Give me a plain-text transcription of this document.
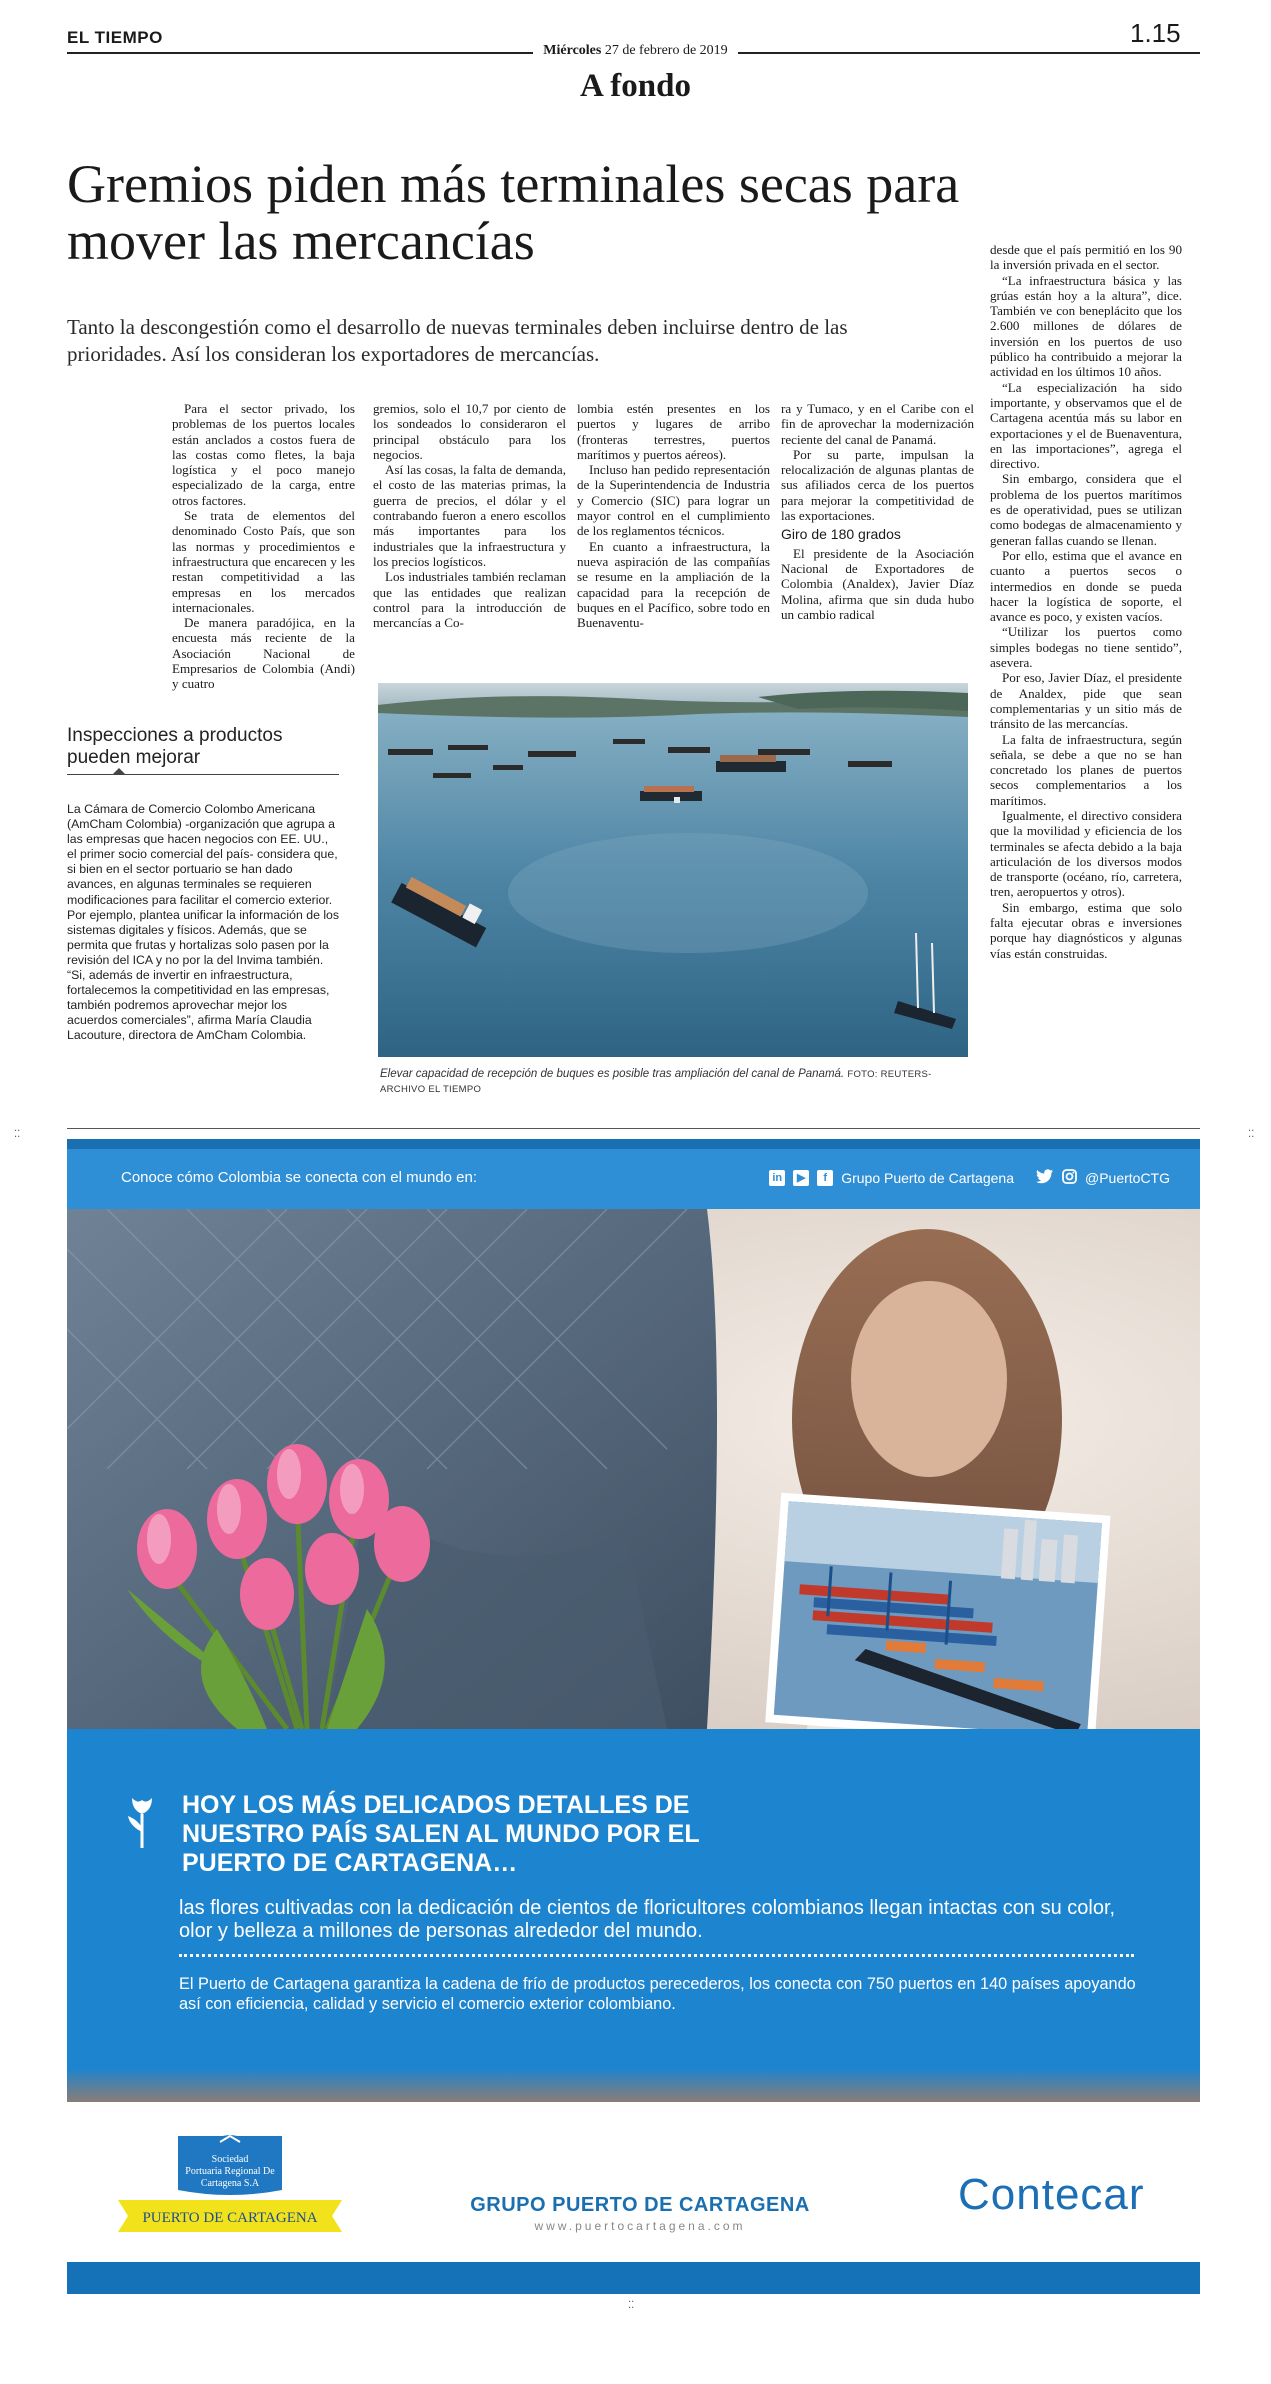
EL TIEMPO
Miércoles 27 de febrero de 2019
1.15
A fondo
Gremios piden más terminales secas para mover las mercancías
Tanto la descongestión como el desarrollo de nuevas terminales deben incluirse dentro de las prioridades. Así los consideran los exportadores de mercancías.

Para el sector privado, los problemas de los puertos locales están anclados a costos fuera de las costas como fletes, la baja logística y el poco manejo especializado de la carga, entre otros factores.

Se trata de elementos del denominado Costo País, que son las normas y procedimientos e infraestructura que encarecen y les restan competitividad a las empresas en los mercados internacionales.

De manera paradójica, en la encuesta más reciente de la Asociación Nacional de Empresarios de Colombia (Andi) y cuatro

gremios, solo el 10,7 por ciento de los sondeados lo consideraron el principal obstáculo para los negocios.

Así las cosas, la falta de demanda, el costo de las materias primas, la guerra de precios, el dólar y el contrabando fueron a enero escollos más importantes para los industriales que la infraestructura y los precios logísticos.

Los industriales también reclaman que las entidades que realizan control para la introducción de mercancías a Co-

lombia estén presentes en los puertos y lugares de arribo (fronteras terrestres, puertos marítimos y puertos aéreos).

Incluso han pedido representación de la Superintendencia de Industria y Comercio (SIC) para lograr un mayor control en el cumplimiento de los reglamentos técnicos.

En cuanto a infraestructura, la nueva aspiración de las compañías se resume en la ampliación de la capacidad para la recepción de buques en el Pacífico, sobre todo en Buenaventu-

ra y Tumaco, y en el Caribe con el fin de aprovechar la modernización reciente del canal de Panamá.

Por su parte, impulsan la relocalización de algunas plantas de sus afiliados cerca de los puertos para mejorar la competitividad de las exportaciones.

Giro de 180 grados

El presidente de la Asociación Nacional de Exportadores de Colombia (Analdex), Javier Díaz Molina, afirma que sin duda hubo un cambio radical

desde que el país permitió en los 90 la inversión privada en el sector.

“La infraestructura básica y las grúas están hoy a la altura”, dice. También ve con beneplácito que los 2.600 millones de dólares de inversión en los puertos de uso público ha contribuido a mejorar la actividad en los últimos 10 años.

“La especialización ha sido importante, y observamos que el de Cartagena acentúa más su labor en exportaciones y el de Buenaventura, en las importaciones”, agrega el directivo.

Sin embargo, considera que el problema de los puertos marítimos es de operatividad, pues se utilizan como bodegas de almacenamiento y generan fallas cuando se llenan.

Por ello, estima que el avance en cuanto a puertos secos o intermedios en donde se pueda hacer la logística de soporte, el avance es poco, y existen vacíos.

“Utilizar los puertos como simples bodegas no tiene sentido”, asevera.

Por eso, Javier Díaz, el presidente de Analdex, pide que sean complementarias y un sitio más de tránsito de las mercancías.

La falta de infraestructura, según señala, se debe a que no se han concretado los planes de puertos secos complementarios a los marítimos.

Igualmente, el directivo considera que la movilidad y eficiencia de los terminales se afecta debido a la baja articulación de los diversos modos de transporte (océano, río, carretera, tren, aeropuertos y otros).

Sin embargo, estima que solo falta ejecutar obras e inversiones porque hay diagnósticos y algunas vías están construidas.

Inspecciones a productos pueden mejorar

La Cámara de Comercio Colombo Americana (AmCham Colombia) -organización que agrupa a las empresas que hacen negocios con EE. UU., el primer socio comercial del país- considera que, si bien en el sector portuario se han dado avances, en algunas terminales se requieren modificaciones para facilitar el comercio exterior.

Por ejemplo, plantea unificar la información de los sistemas digitales y físicos. Además, que se permita que frutas y hortalizas solo pasen por la revisión del ICA y no por la del Invima también. “Si, además de invertir en infraestructura, fortalecemos la competitividad en las empresas, también podremos aprovechar mejor los acuerdos comerciales”, afirma María Claudia Lacouture, directora de AmCham Colombia.

Elevar capacidad de recepción de buques es posible tras ampliación del canal de Panamá. FOTO: REUTERS-ARCHIVO EL TIEMPO
⁚⁚	⁚⁚
⁚⁚
Conoce cómo Colombia se conecta con el mundo en:	in	▶	f	Grupo Puerto de Cartagena	@PuertoCTG
HOY LOS MÁS DELICADOS DETALLES DE NUESTRO PAÍS SALEN AL MUNDO POR EL PUERTO DE CARTAGENA…
las flores cultivadas con la dedicación de cientos de floricultores colombianos llegan intactas con su color, olor y belleza a millones de personas alrededor del mundo.
El Puerto de Cartagena garantiza la cadena de frío de productos perecederos, los conecta con 750 puertos en 140 países apoyando así con eficiencia, calidad y servicio el comercio exterior colombiano.
Sociedad
Portuaria Regional De
Cartagena S.A
PUERTO DE CARTAGENA
GRUPO PUERTO DE CARTAGENA
www.puertocartagena.com
Contecar
